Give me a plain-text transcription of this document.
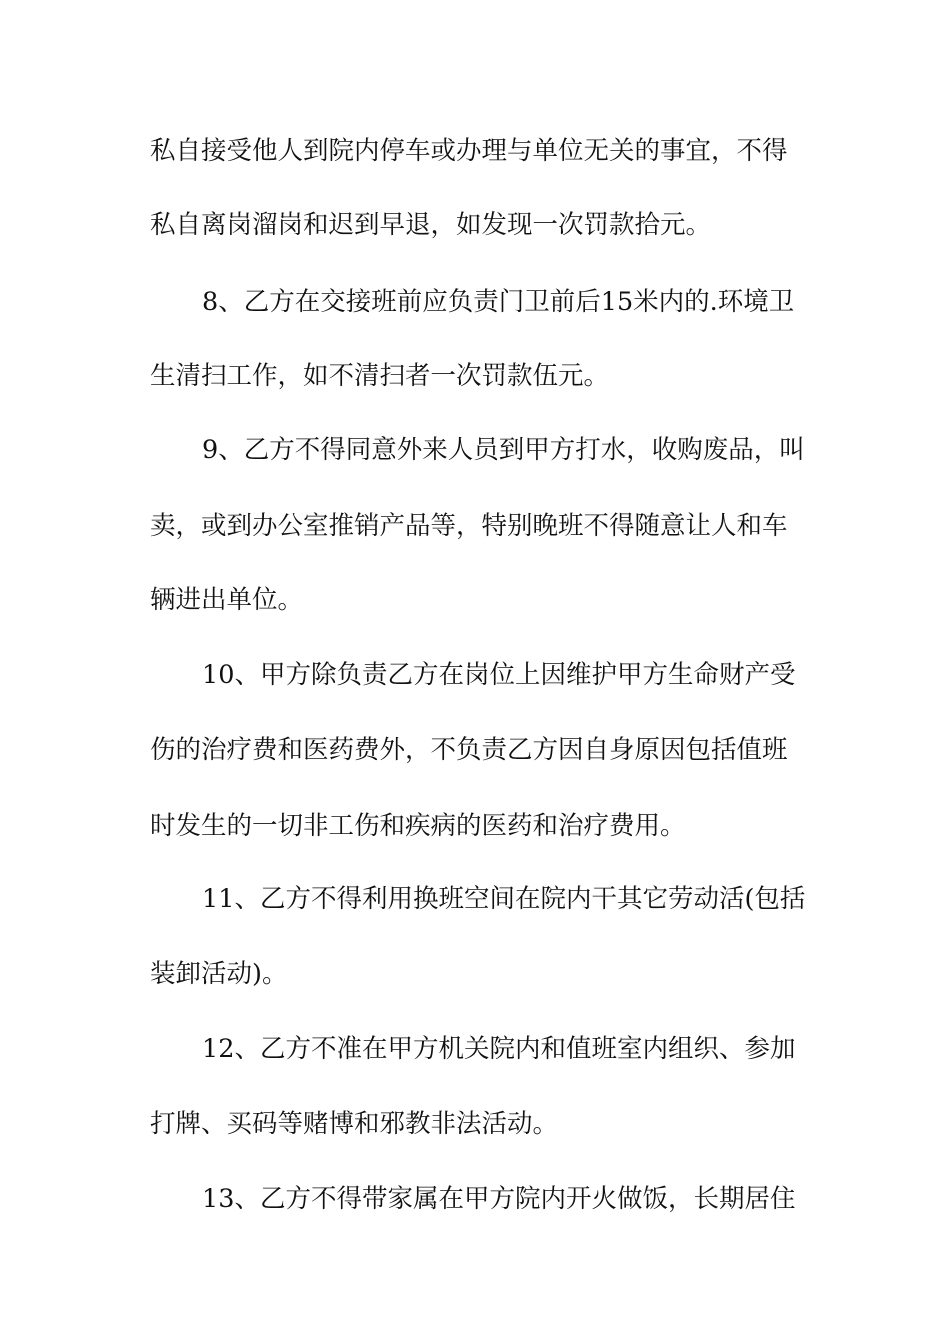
私自接受他人到院内停车或办理与单位无关的事宜，不得
私自离岗溜岗和迟到早退，如发现一次罚款拾元。
8、乙方在交接班前应负责门卫前后15米内的.环境卫
生清扫工作，如不清扫者一次罚款伍元。
9、乙方不得同意外来人员到甲方打水，收购废品，叫
卖，或到办公室推销产品等，特别晚班不得随意让人和车
辆进出单位。
10、甲方除负责乙方在岗位上因维护甲方生命财产受
伤的治疗费和医药费外，不负责乙方因自身原因包括值班
时发生的一切非工伤和疾病的医药和治疗费用。
11、乙方不得利用换班空间在院内干其它劳动活(包括
装卸活动)。
12、乙方不准在甲方机关院内和值班室内组织、参加
打牌、买码等赌博和邪教非法活动。
13、乙方不得带家属在甲方院内开火做饭，长期居住
